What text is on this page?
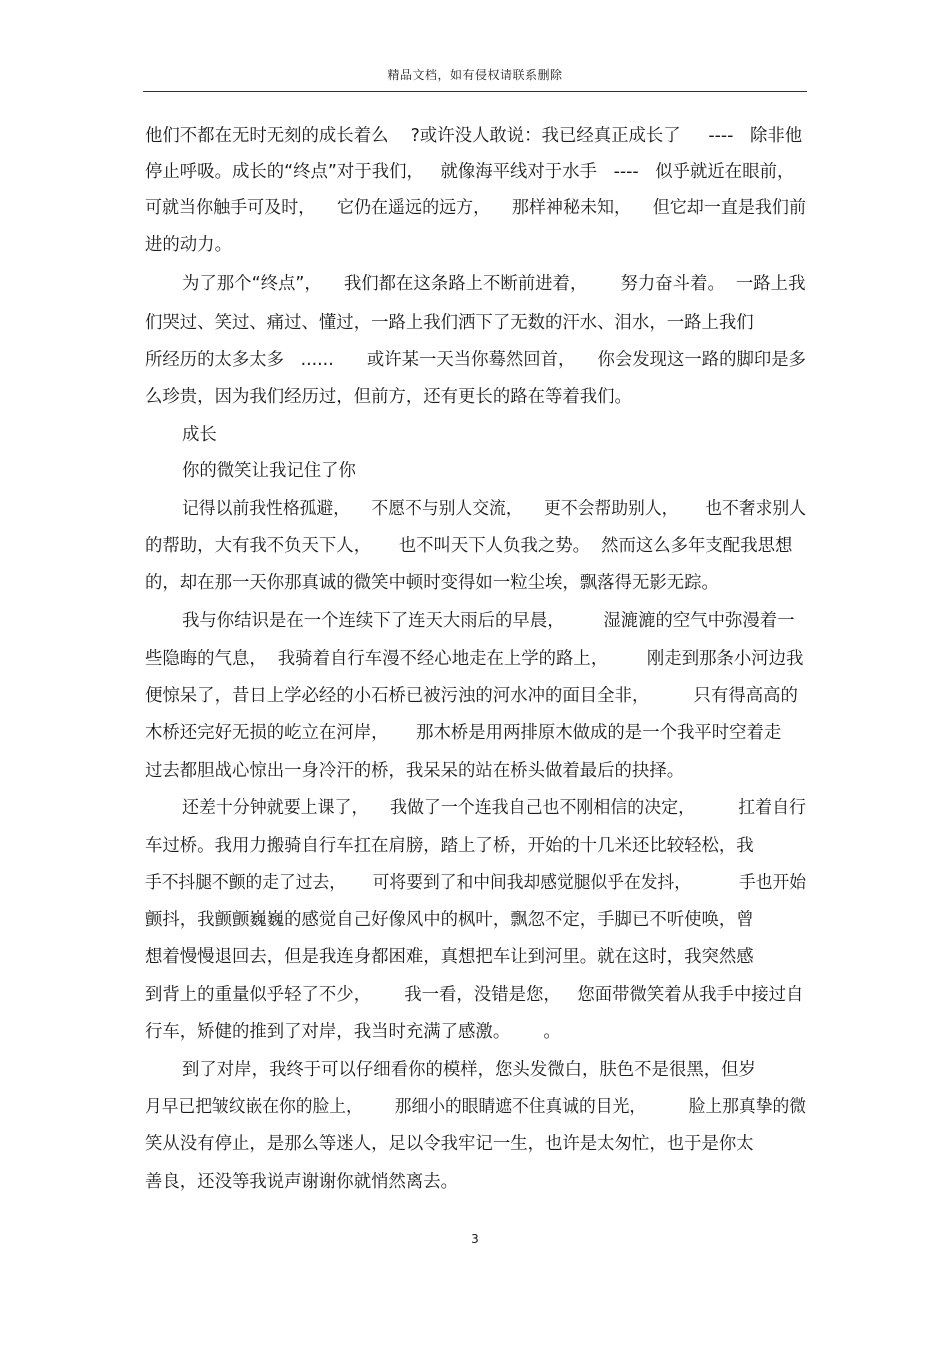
精品文档，如有侵权请联系删除
他们不都在无时无刻的成长着么    ?或许没人敢说：我已经真正成长了     ----   除非他
停止呼吸。成长的“终点”对于我们，   就像海平线对于水手   ----   似乎就近在眼前，
可就当你触手可及时，    它仍在遥远的远方，    那样神秘未知，    但它却一直是我们前
进的动力。
为了那个“终点”，    我们都在这条路上不断前进着，      努力奋斗着。  一路上我
们哭过、笑过、痛过、懂过，一路上我们洒下了无数的汗水、泪水，一路上我们
所经历的太多太多   ......      或许某一天当你蓦然回首，    你会发现这一路的脚印是多
么珍贵，因为我们经历过，但前方，还有更长的路在等着我们。
成长
你的微笑让我记住了你
记得以前我性格孤避，    不愿不与别人交流，    更不会帮助别人，     也不奢求别人
的帮助，大有我不负天下人，     也不叫天下人负我之势。  然而这么多年支配我思想
的，却在那一天你那真诚的微笑中顿时变得如一粒尘埃，飘落得无影无踪。
我与你结识是在一个连续下了连天大雨后的早晨，       湿漉漉的空气中弥漫着一
些隐晦的气息，  我骑着自行车漫不经心地走在上学的路上，       刚走到那条小河边我
便惊呆了，昔日上学必经的小石桥已被污浊的河水冲的面目全非，        只有得高高的
木桥还完好无损的屹立在河岸，     那木桥是用两排原木做成的是一个我平时空着走
过去都胆战心惊出一身冷汗的桥，我呆呆的站在桥头做着最后的抉择。
还差十分钟就要上课了，    我做了一个连我自己也不刚相信的决定，        扛着自行
车过桥。我用力搬骑自行车扛在肩膀，踏上了桥，开始的十几米还比较轻松，我
手不抖腿不颤的走了过去，     可将要到了和中间我却感觉腿似乎在发抖，         手也开始
颤抖，我颤颤巍巍的感觉自己好像风中的枫叶，飘忽不定，手脚已不听使唤，曾
想着慢慢退回去，但是我连身都困难，真想把车让到河里。就在这时，我突然感
到背上的重量似乎轻了不少，      我一看，没错是您，   您面带微笑着从我手中接过自
行车，矫健的推到了对岸，我当时充满了感激。      。
到了对岸，我终于可以仔细看你的模样，您头发微白，肤色不是很黑，但岁
月早已把皱纹嵌在你的脸上，      那细小的眼睛遮不住真诚的目光，        脸上那真挚的微
笑从没有停止，是那么等迷人，足以令我牢记一生，也许是太匆忙，也于是你太
善良，还没等我说声谢谢你就悄然离去。
3
